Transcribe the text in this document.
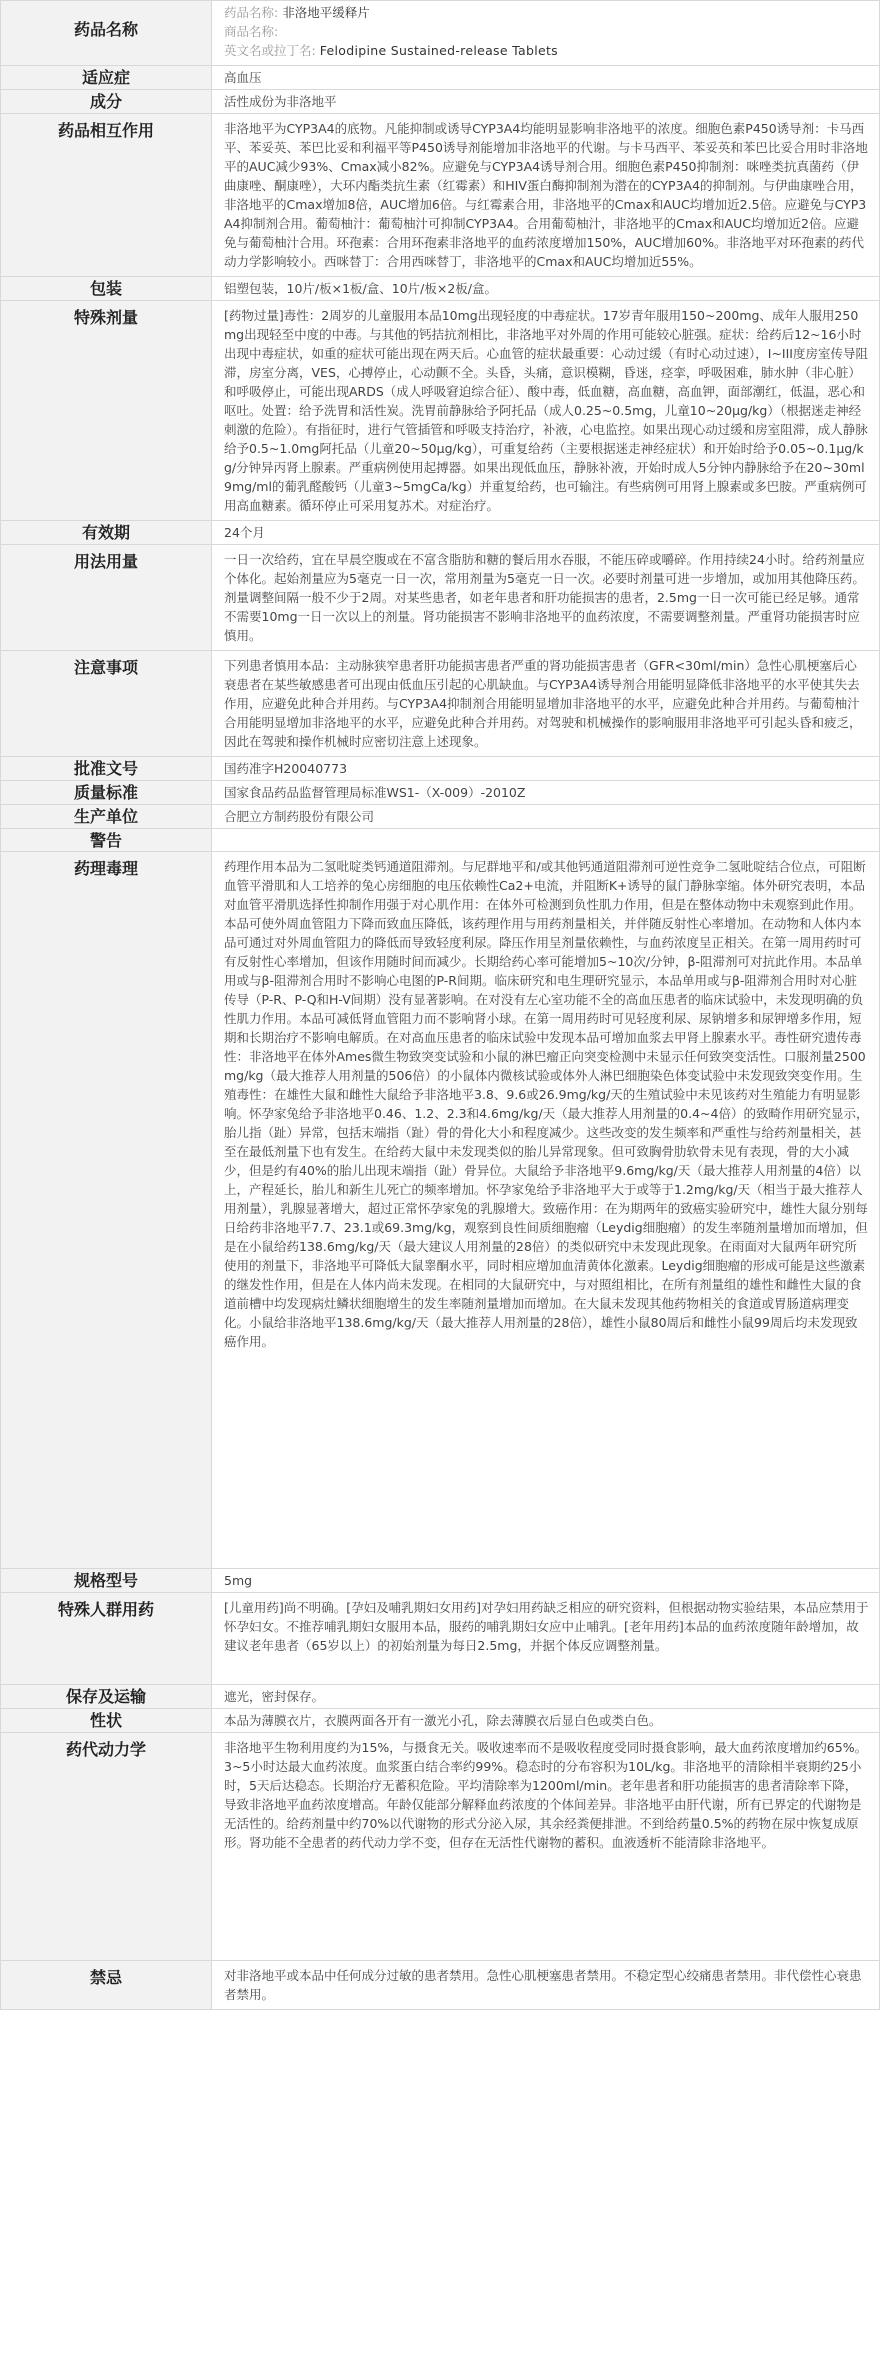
药品名称	药品名称: 非洛地平缓释片
商品名称:
英文名或拉丁名: Felodipine Sustained-release Tablets

适应症	高血压

成分	活性成份为非洛地平

药品相互作用	非洛地平为CYP3A4的底物。凡能抑制或诱导CYP3A4均能明显影响非洛地平的浓度。细胞色素P450诱导剂：卡马西平、苯妥英、苯巴比妥和利福平等P450诱导剂能增加非洛地平的代谢。与卡马西平、苯妥英和苯巴比妥合用时非洛地平的AUC减少93%、Cmax减小82%。应避免与CYP3A4诱导剂合用。细胞色素P450抑制剂：咪唑类抗真菌药（伊曲康唑、酮康唑），大环内酯类抗生素（红霉素）和HIV蛋白酶抑制剂为潜在的CYP3A4的抑制剂。与伊曲康唑合用，非洛地平的Cmax增加8倍，AUC增加6倍。与红霉素合用，非洛地平的Cmax和AUC均增加近2.5倍。应避免与CYP3A4抑制剂合用。葡萄柚汁：葡萄柚汁可抑制CYP3A4。合用葡萄柚汁，非洛地平的Cmax和AUC均增加近2倍。应避免与葡萄柚汁合用。环孢素：合用环孢素非洛地平的血药浓度增加150%，AUC增加60%。非洛地平对环孢素的药代动力学影响较小。西咪替丁：合用西咪替丁，非洛地平的Cmax和AUC均增加近55%。

包装	铝塑包装，10片/板×1板/盒、10片/板×2板/盒。

特殊剂量	[药物过量]毒性：2周岁的儿童服用本品10mg出现轻度的中毒症状。17岁青年服用150~200mg、成年人服用250mg出现轻至中度的中毒。与其他的钙拮抗剂相比，非洛地平对外周的作用可能较心脏强。症状：给药后12~16小时出现中毒症状，如重的症状可能出现在两天后。心血管的症状最重要：心动过缓（有时心动过速），I~III度房室传导阻滞，房室分离，VES，心搏停止，心动颤不全。头昏，头痛，意识模糊，昏迷，痉挛，呼吸困难，肺水肿（非心脏）和呼吸停止，可能出现ARDS（成人呼吸窘迫综合征）、酸中毒，低血糖，高血糖，高血钾，面部潮红，低温，恶心和呕吐。处置：给予洗胃和活性炭。洗胃前静脉给予阿托品（成人0.25~0.5mg，儿童10~20μg/kg）（根据迷走神经刺激的危险）。有指征时，进行气管插管和呼吸支持治疗，补液，心电监控。如果出现心动过缓和房室阻滞，成人静脉给予0.5~1.0mg阿托品（儿童20~50μg/kg），可重复给药（主要根据迷走神经症状）和开始时给予0.05~0.1μg/kg/分钟异丙肾上腺素。严重病例使用起搏器。如果出现低血压，静脉补液，开始时成人5分钟内静脉给予在20~30ml 9mg/ml的葡乳醛酸钙（儿童3~5mgCa/kg）并重复给药，也可输注。有些病例可用肾上腺素或多巴胺。严重病例可用高血糖素。循环停止可采用复苏术。对症治疗。

有效期	24个月

用法用量	一日一次给药，宜在早晨空腹或在不富含脂肪和糖的餐后用水吞服，不能压碎或嚼碎。作用持续24小时。给药剂量应个体化。起始剂量应为5毫克一日一次，常用剂量为5毫克一日一次。必要时剂量可进一步增加，或加用其他降压药。剂量调整间隔一般不少于2周。对某些患者，如老年患者和肝功能损害的患者，2.5mg一日一次可能已经足够。通常不需要10mg一日一次以上的剂量。肾功能损害不影响非洛地平的血药浓度，不需要调整剂量。严重肾功能损害时应慎用。

注意事项	下列患者慎用本品：主动脉狭窄患者肝功能损害患者严重的肾功能损害患者（GFR<30ml/min）急性心肌梗塞后心衰患者在某些敏感患者可出现由低血压引起的心肌缺血。与CYP3A4诱导剂合用能明显降低非洛地平的水平使其失去作用，应避免此种合并用药。与CYP3A4抑制剂合用能明显增加非洛地平的水平，应避免此种合并用药。与葡萄柚汁合用能明显增加非洛地平的水平，应避免此种合并用药。对驾驶和机械操作的影响服用非洛地平可引起头昏和疲乏，因此在驾驶和操作机械时应密切注意上述现象。

批准文号	国药准字H20040773

质量标准	国家食品药品监督管理局标准WS1-（X-009）-2010Z

生产单位	合肥立方制药股份有限公司

警告	

药理毒理	药理作用本品为二氢吡啶类钙通道阻滞剂。与尼群地平和/或其他钙通道阻滞剂可逆性竞争二氢吡啶结合位点，可阻断血管平滑肌和人工培养的兔心房细胞的电压依赖性Ca2+电流，并阻断K+诱导的鼠门静脉挛缩。体外研究表明，本品对血管平滑肌选择性抑制作用强于对心肌作用：在体外可检测到负性肌力作用，但是在整体动物中未观察到此作用。本品可使外周血管阻力下降而致血压降低，该药理作用与用药剂量相关，并伴随反射性心率增加。在动物和人体内本品可通过对外周血管阻力的降低而导致轻度利尿。降压作用呈剂量依赖性，与血药浓度呈正相关。在第一周用药时可有反射性心率增加，但该作用随时间而减少。长期给药心率可能增加5~10次/分钟，β-阻滞剂可对抗此作用。本品单用或与β-阻滞剂合用时不影响心电图的P-R间期。临床研究和电生理研究显示，本品单用或与β-阻滞剂合用时对心脏传导（P-R、P-Q和H-V间期）没有显著影响。在对没有左心室功能不全的高血压患者的临床试验中，未发现明确的负性肌力作用。本品可减低肾血管阻力而不影响肾小球。在第一周用药时可见轻度利尿、尿钠增多和尿钾增多作用，短期和长期治疗不影响电解质。在对高血压患者的临床试验中发现本品可增加血浆去甲肾上腺素水平。毒性研究遗传毒性：非洛地平在体外Ames微生物致突变试验和小鼠的淋巴瘤正向突变检测中未显示任何致突变活性。口服剂量2500mg/kg（最大推荐人用剂量的506倍）的小鼠体内微核试验或体外人淋巴细胞染色体变试验中未发现致突变作用。生殖毒性：在雄性大鼠和雌性大鼠给予非洛地平3.8、9.6或26.9mg/kg/天的生殖试验中未见该药对生殖能力有明显影响。怀孕家兔给予非洛地平0.46、1.2、2.3和4.6mg/kg/天（最大推荐人用剂量的0.4~4倍）的致畸作用研究显示，胎儿指（趾）异常，包括末端指（趾）骨的骨化大小和程度减少。这些改变的发生频率和严重性与给药剂量相关，甚至在最低剂量下也有发生。在给药大鼠中未发现类似的胎儿异常现象。但可致胸骨肋软骨未见有表现，骨的大小减少，但是约有40%的胎儿出现末端指（趾）骨异位。大鼠给予非洛地平9.6mg/kg/天（最大推荐人用剂量的4倍）以上，产程延长，胎儿和新生儿死亡的频率增加。怀孕家兔给予非洛地平大于或等于1.2mg/kg/天（相当于最大推荐人用剂量），乳腺显著增大，超过正常怀孕家兔的乳腺增大。致癌作用：在为期两年的致癌实验研究中，雄性大鼠分别每日给药非洛地平7.7、23.1或69.3mg/kg，观察到良性间质细胞瘤（Leydig细胞瘤）的发生率随剂量增加而增加，但是在小鼠给药138.6mg/kg/天（最大建议人用剂量的28倍）的类似研究中未发现此现象。在雨面对大鼠两年研究所使用的剂量下，非洛地平可降低大鼠睾酮水平，同时相应增加血清黄体化激素。Leydig细胞瘤的形成可能是这些激素的继发性作用，但是在人体内尚未发现。在相同的大鼠研究中，与对照组相比，在所有剂量组的雄性和雌性大鼠的食道前槽中均发现病灶鳞状细胞增生的发生率随剂量增加而增加。在大鼠未发现其他药物相关的食道或胃肠道病理变化。小鼠给非洛地平138.6mg/kg/天（最大推荐人用剂量的28倍），雄性小鼠80周后和雌性小鼠99周后均未发现致癌作用。

规格型号	5mg

特殊人群用药	[儿童用药]尚不明确。[孕妇及哺乳期妇女用药]对孕妇用药缺乏相应的研究资料，但根据动物实验结果，本品应禁用于怀孕妇女。不推荐哺乳期妇女服用本品，服药的哺乳期妇女应中止哺乳。[老年用药]本品的血药浓度随年龄增加，故建议老年患者（65岁以上）的初始剂量为每日2.5mg，并据个体反应调整剂量。

保存及运输	遮光，密封保存。

性状	本品为薄膜衣片，衣膜两面各开有一激光小孔，除去薄膜衣后显白色或类白色。

药代动力学	非洛地平生物利用度约为15%，与摄食无关。吸收速率而不是吸收程度受同时摄食影响，最大血药浓度增加约65%。
3~5小时达最大血药浓度。血浆蛋白结合率约99%。稳态时的分布容积为10L/kg。非洛地平的清除相半衰期约25小时，5天后达稳态。长期治疗无蓄积危险。平均清除率为1200ml/min。老年患者和肝功能损害的患者清除率下降，导致非洛地平血药浓度增高。年龄仅能部分解释血药浓度的个体间差异。非洛地平由肝代谢，所有已界定的代谢物是无活性的。给药剂量中约70%以代谢物的形式分泌入尿，其余经粪便排泄。不到给药量0.5%的药物在尿中恢复成原形。肾功能不全患者的药代动力学不变，但存在无活性代谢物的蓄积。血液透析不能清除非洛地平。

禁忌	对非洛地平或本品中任何成分过敏的患者禁用。急性心肌梗塞患者禁用。不稳定型心绞痛患者禁用。非代偿性心衰患者禁用。
